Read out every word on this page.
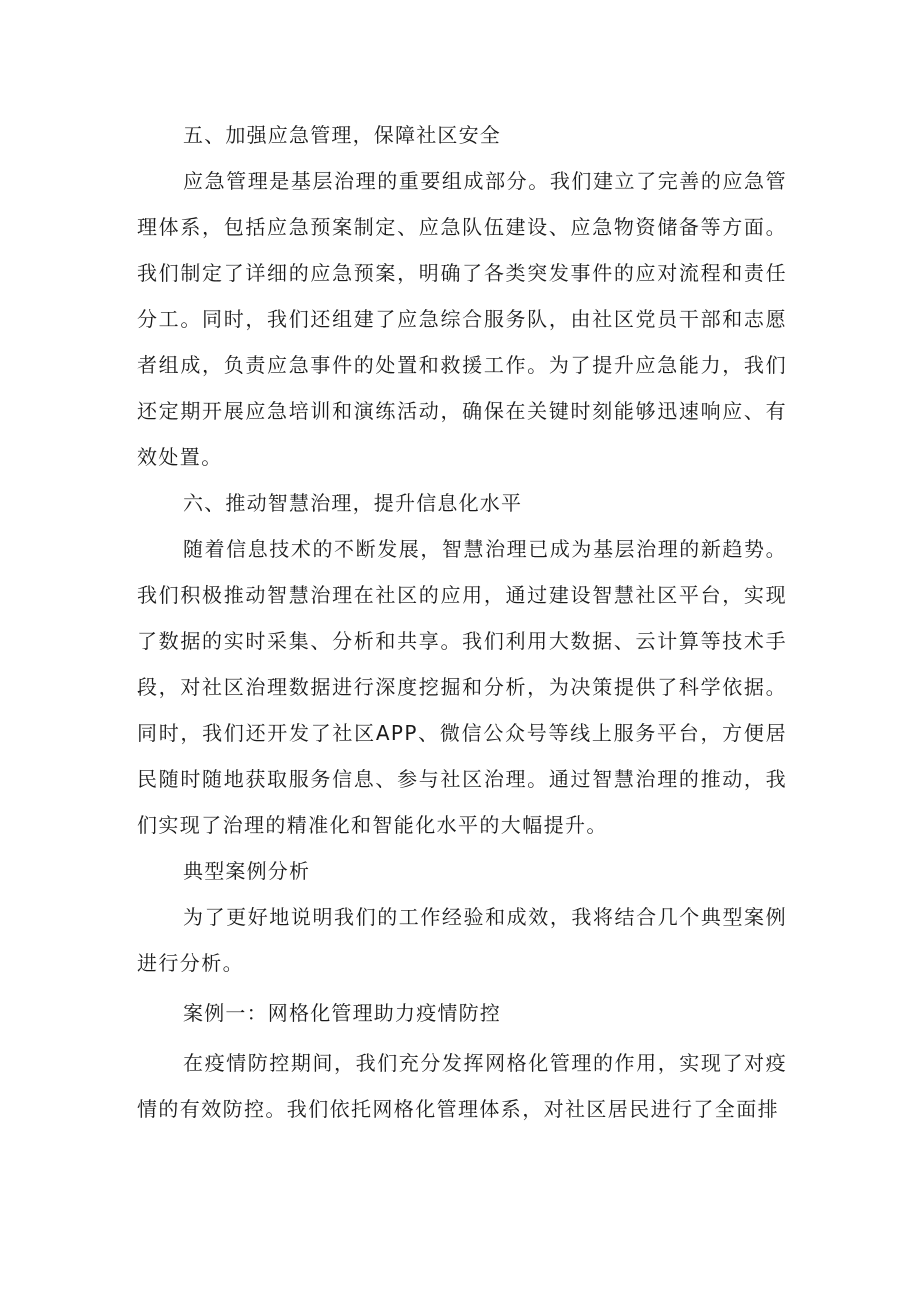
五、加强应急管理，保障社区安全

应急管理是基层治理的重要组成部分。我们建立了完善的应急管理体系，包括应急预案制定、应急队伍建设、应急物资储备等方面。我们制定了详细的应急预案，明确了各类突发事件的应对流程和责任分工。同时，我们还组建了应急综合服务队，由社区党员干部和志愿者组成，负责应急事件的处置和救援工作。为了提升应急能力，我们还定期开展应急培训和演练活动，确保在关键时刻能够迅速响应、有效处置。

六、推动智慧治理，提升信息化水平

随着信息技术的不断发展，智慧治理已成为基层治理的新趋势。我们积极推动智慧治理在社区的应用，通过建设智慧社区平台，实现了数据的实时采集、分析和共享。我们利用大数据、云计算等技术手段，对社区治理数据进行深度挖掘和分析，为决策提供了科学依据。同时，我们还开发了社区APP、微信公众号等线上服务平台，方便居民随时随地获取服务信息、参与社区治理。通过智慧治理的推动，我们实现了治理的精准化和智能化水平的大幅提升。

典型案例分析

为了更好地说明我们的工作经验和成效，我将结合几个典型案例进行分析。

案例一：网格化管理助力疫情防控

在疫情防控期间，我们充分发挥网格化管理的作用，实现了对疫情的有效防控。我们依托网格化管理体系，对社区居民进行了全面排
